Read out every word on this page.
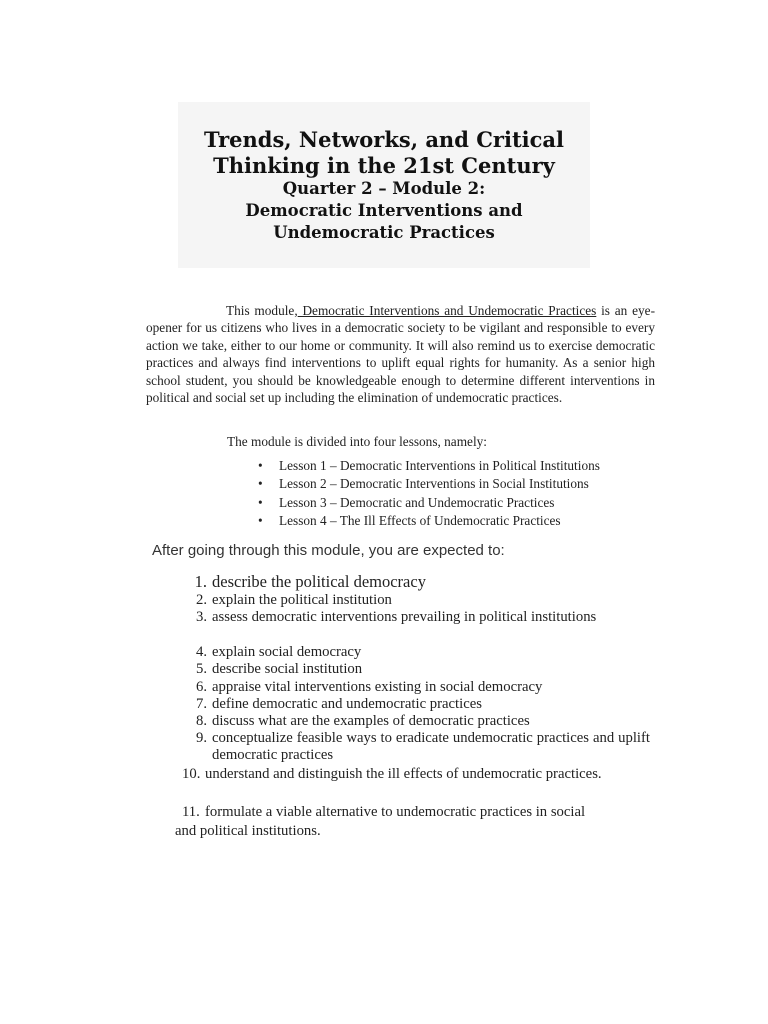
Trends, Networks, and Critical
Thinking in the 21st Century
Quarter 2 – Module 2:
Democratic Interventions and
Undemocratic Practices
This module, Democratic Interventions and Undemocratic Practices is an eye-opener for us citizens who lives in a democratic society to be vigilant and responsible to every action we take, either to our home or community. It will also remind us to exercise democratic practices and always find interventions to uplift equal rights for humanity. As a senior high school student, you should be knowledgeable enough to determine different interventions in political and social set up including the elimination of undemocratic practices.
The module is divided into four lessons, namely:
• Lesson 1 – Democratic Interventions in Political Institutions
• Lesson 2 – Democratic Interventions in Social Institutions
• Lesson 3 – Democratic and Undemocratic Practices
• Lesson 4 – The Ill Effects of Undemocratic Practices
After going through this module, you are expected to:
1. describe the political democracy
2. explain the political institution
3. assess democratic interventions prevailing in political institutions
4. explain social democracy
5. describe social institution
6. appraise vital interventions existing in social democracy
7. define democratic and undemocratic practices
8. discuss what are the examples of democratic practices
9. conceptualize feasible ways to eradicate undemocratic practices and uplift democratic practices
10. understand and distinguish the ill effects of undemocratic practices.
11. formulate a viable alternative to undemocratic practices in social and political institutions.
